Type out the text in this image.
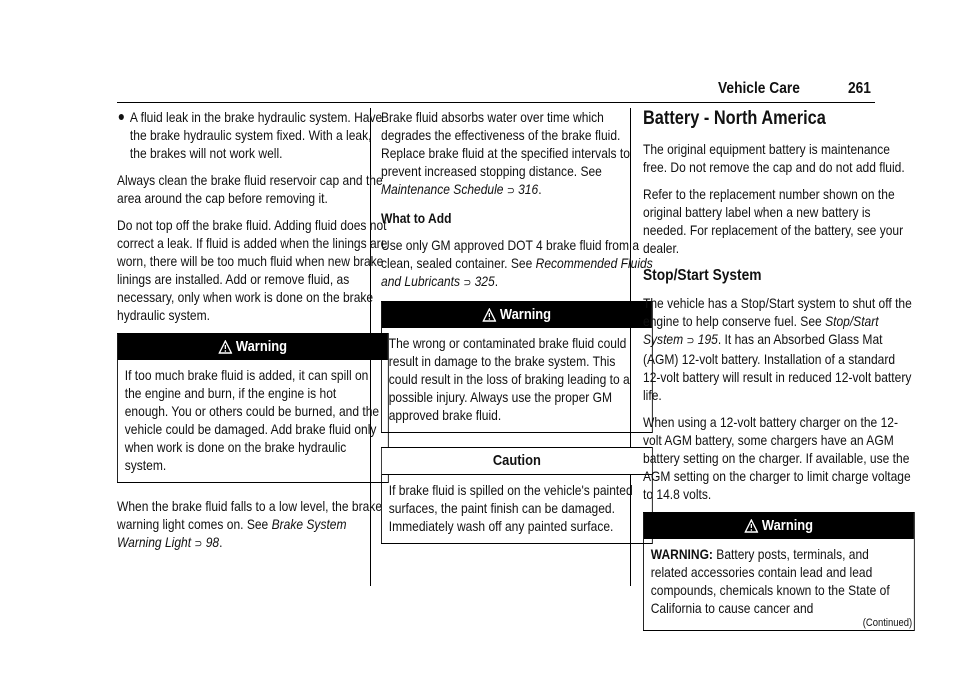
Vehicle Care	261
A fluid leak in the brake hydraulic system. Have the brake hydraulic system fixed. With a leak, the brakes will not work well.

Always clean the brake fluid reservoir cap and the area around the cap before removing it.

Do not top off the brake fluid. Adding fluid does not correct a leak. If fluid is added when the linings are worn, there will be too much fluid when new brake linings are installed. Add or remove fluid, as necessary, only when work is done on the brake hydraulic system.

Warning
If too much brake fluid is added, it can spill on the engine and burn, if the engine is hot enough. You or others could be burned, and the vehicle could be damaged. Add brake fluid only when work is done on the brake hydraulic system.

When the brake fluid falls to a low level, the brake warning light comes on. See Brake System Warning Light ⊃ 98.

Brake fluid absorbs water over time which degrades the effectiveness of the brake fluid. Replace brake fluid at the specified intervals to prevent increased stopping distance. See Maintenance Schedule ⊃ 316.

What to Add

Use only GM approved DOT 4 brake fluid from a clean, sealed container. See Recommended Fluids and Lubricants ⊃ 325.

Warning
The wrong or contaminated brake fluid could result in damage to the brake system. This could result in the loss of braking leading to a possible injury. Always use the proper GM approved brake fluid.
Caution
If brake fluid is spilled on the vehicle's painted surfaces, the paint finish can be damaged. Immediately wash off any painted surface.
Battery - North America

The original equipment battery is maintenance free. Do not remove the cap and do not add fluid.

Refer to the replacement number shown on the original battery label when a new battery is needed. For replacement of the battery, see your dealer.

Stop/Start System

The vehicle has a Stop/Start system to shut off the engine to help conserve fuel. See Stop/Start System ⊃ 195. It has an Absorbed Glass Mat (AGM) 12-volt battery. Installation of a standard 12-volt battery will result in reduced 12-volt battery life.

When using a 12-volt battery charger on the 12-volt AGM battery, some chargers have an AGM battery setting on the charger. If available, use the AGM setting on the charger to limit charge voltage to 14.8 volts.

Warning
WARNING: Battery posts, terminals, and related accessories contain lead and lead compounds, chemicals known to the State of California to cause cancer and
(Continued)
